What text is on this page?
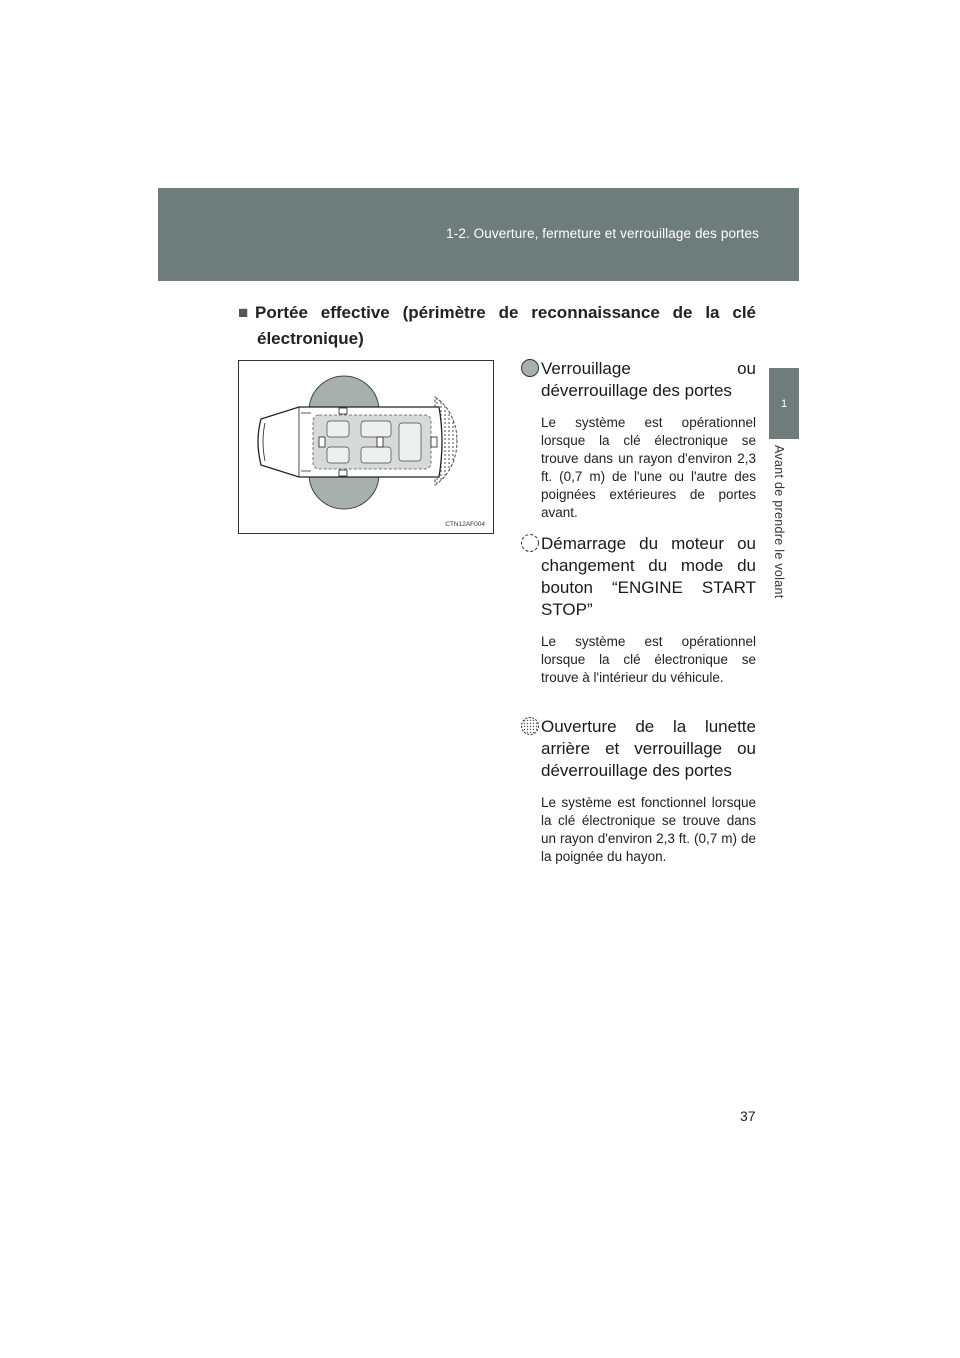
1-2. Ouverture, fermeture et verrouillage des portes
1
Avant de prendre le volant
■ Portée effective (périmètre de reconnaissance de la clé
électronique)
CTN12AF004
Verrouillage ou
déverrouillage des portes
Le système est opérationnel lorsque la clé électronique se trouve dans un rayon d'environ 2,3 ft. (0,7 m) de l'une ou l'autre des poignées extérieures de portes avant.
Démarrage du moteur ou changement du mode du bouton “ENGINE START STOP”
Le système est opérationnel lorsque la clé électronique se trouve à l'intérieur du véhicule.
Ouverture de la lunette arrière et verrouillage ou déverrouillage des portes
Le système est fonctionnel lorsque la clé électronique se trouve dans un rayon d'environ 2,3 ft. (0,7 m) de la poignée du hayon.
37
